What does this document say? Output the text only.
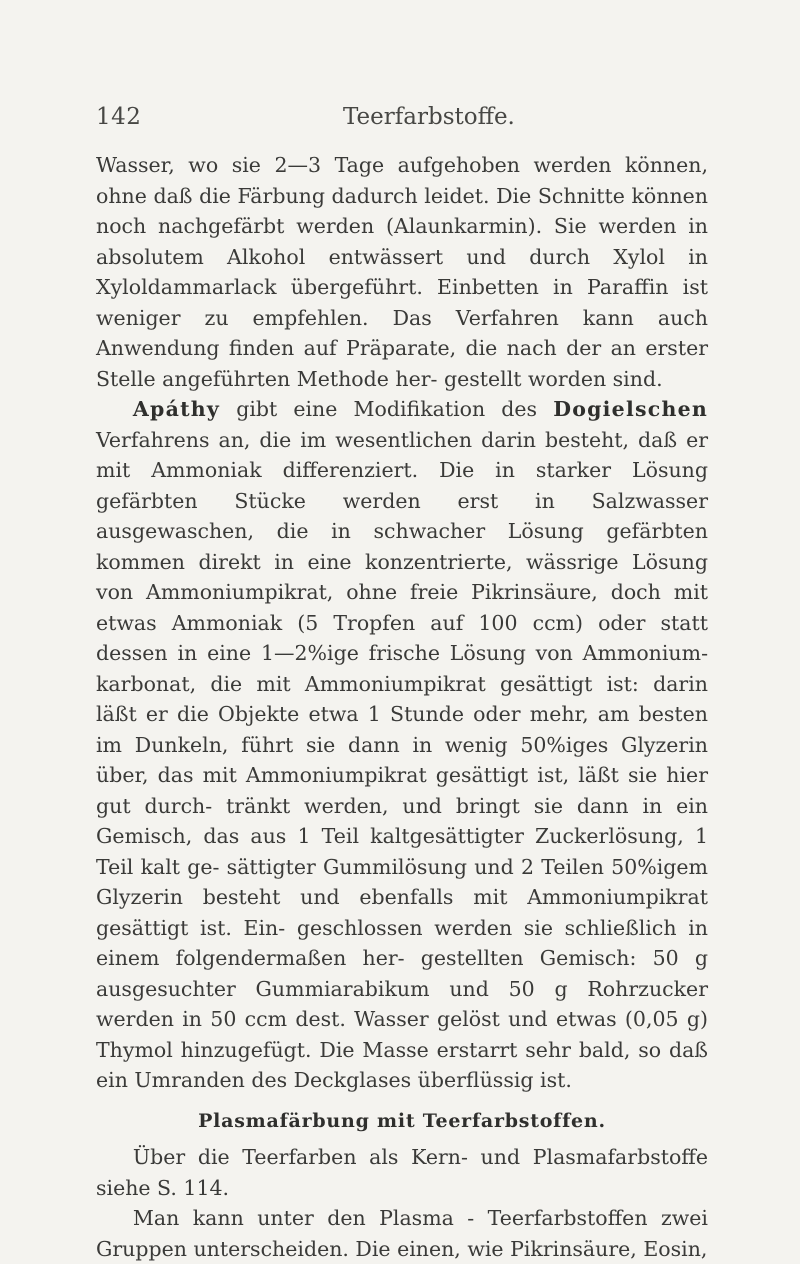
142	Teerfarbstoffe.

Wasser, wo sie 2—3 Tage aufgehoben werden können, ohne daß die Färbung dadurch leidet. Die Schnitte können noch nachgefärbt werden (Alaunkarmin). Sie werden in absolutem Alkohol entwässert und durch Xylol in Xyloldammarlack übergeführt. Einbetten in Paraffin ist weniger zu empfehlen. Das Verfahren kann auch Anwendung finden auf Präparate, die nach der an erster Stelle angeführten Methode her- gestellt worden sind.

Apáthy gibt eine Modifikation des Dogielschen Verfahrens an, die im wesentlichen darin besteht, daß er mit Ammoniak differenziert. Die in starker Lösung gefärbten Stücke werden erst in Salzwasser ausgewaschen, die in schwacher Lösung gefärbten kommen direkt in eine konzentrierte, wässrige Lösung von Ammoniumpikrat, ohne freie Pikrinsäure, doch mit etwas Ammoniak (5 Tropfen auf 100 ccm) oder statt dessen in eine 1—2%ige frische Lösung von Ammonium- karbonat, die mit Ammoniumpikrat gesättigt ist: darin läßt er die Objekte etwa 1 Stunde oder mehr, am besten im Dunkeln, führt sie dann in wenig 50%iges Glyzerin über, das mit Ammoniumpikrat gesättigt ist, läßt sie hier gut durch- tränkt werden, und bringt sie dann in ein Gemisch, das aus 1 Teil kaltgesättigter Zuckerlösung, 1 Teil kalt ge- sättigter Gummilösung und 2 Teilen 50%igem Glyzerin besteht und ebenfalls mit Ammoniumpikrat gesättigt ist. Ein- geschlossen werden sie schließlich in einem folgendermaßen her- gestellten Gemisch: 50 g ausgesuchter Gummiarabikum und 50 g Rohrzucker werden in 50 ccm dest. Wasser gelöst und etwas (0,05 g) Thymol hinzugefügt. Die Masse erstarrt sehr bald, so daß ein Umranden des Deckglases überflüssig ist.

Plasmafärbung mit Teerfarbstoffen.

Über die Teerfarben als Kern- und Plasmafarbstoffe siehe S. 114.

Man kann unter den Plasma - Teerfarbstoffen zwei Gruppen unterscheiden. Die einen, wie Pikrinsäure, Eosin,
